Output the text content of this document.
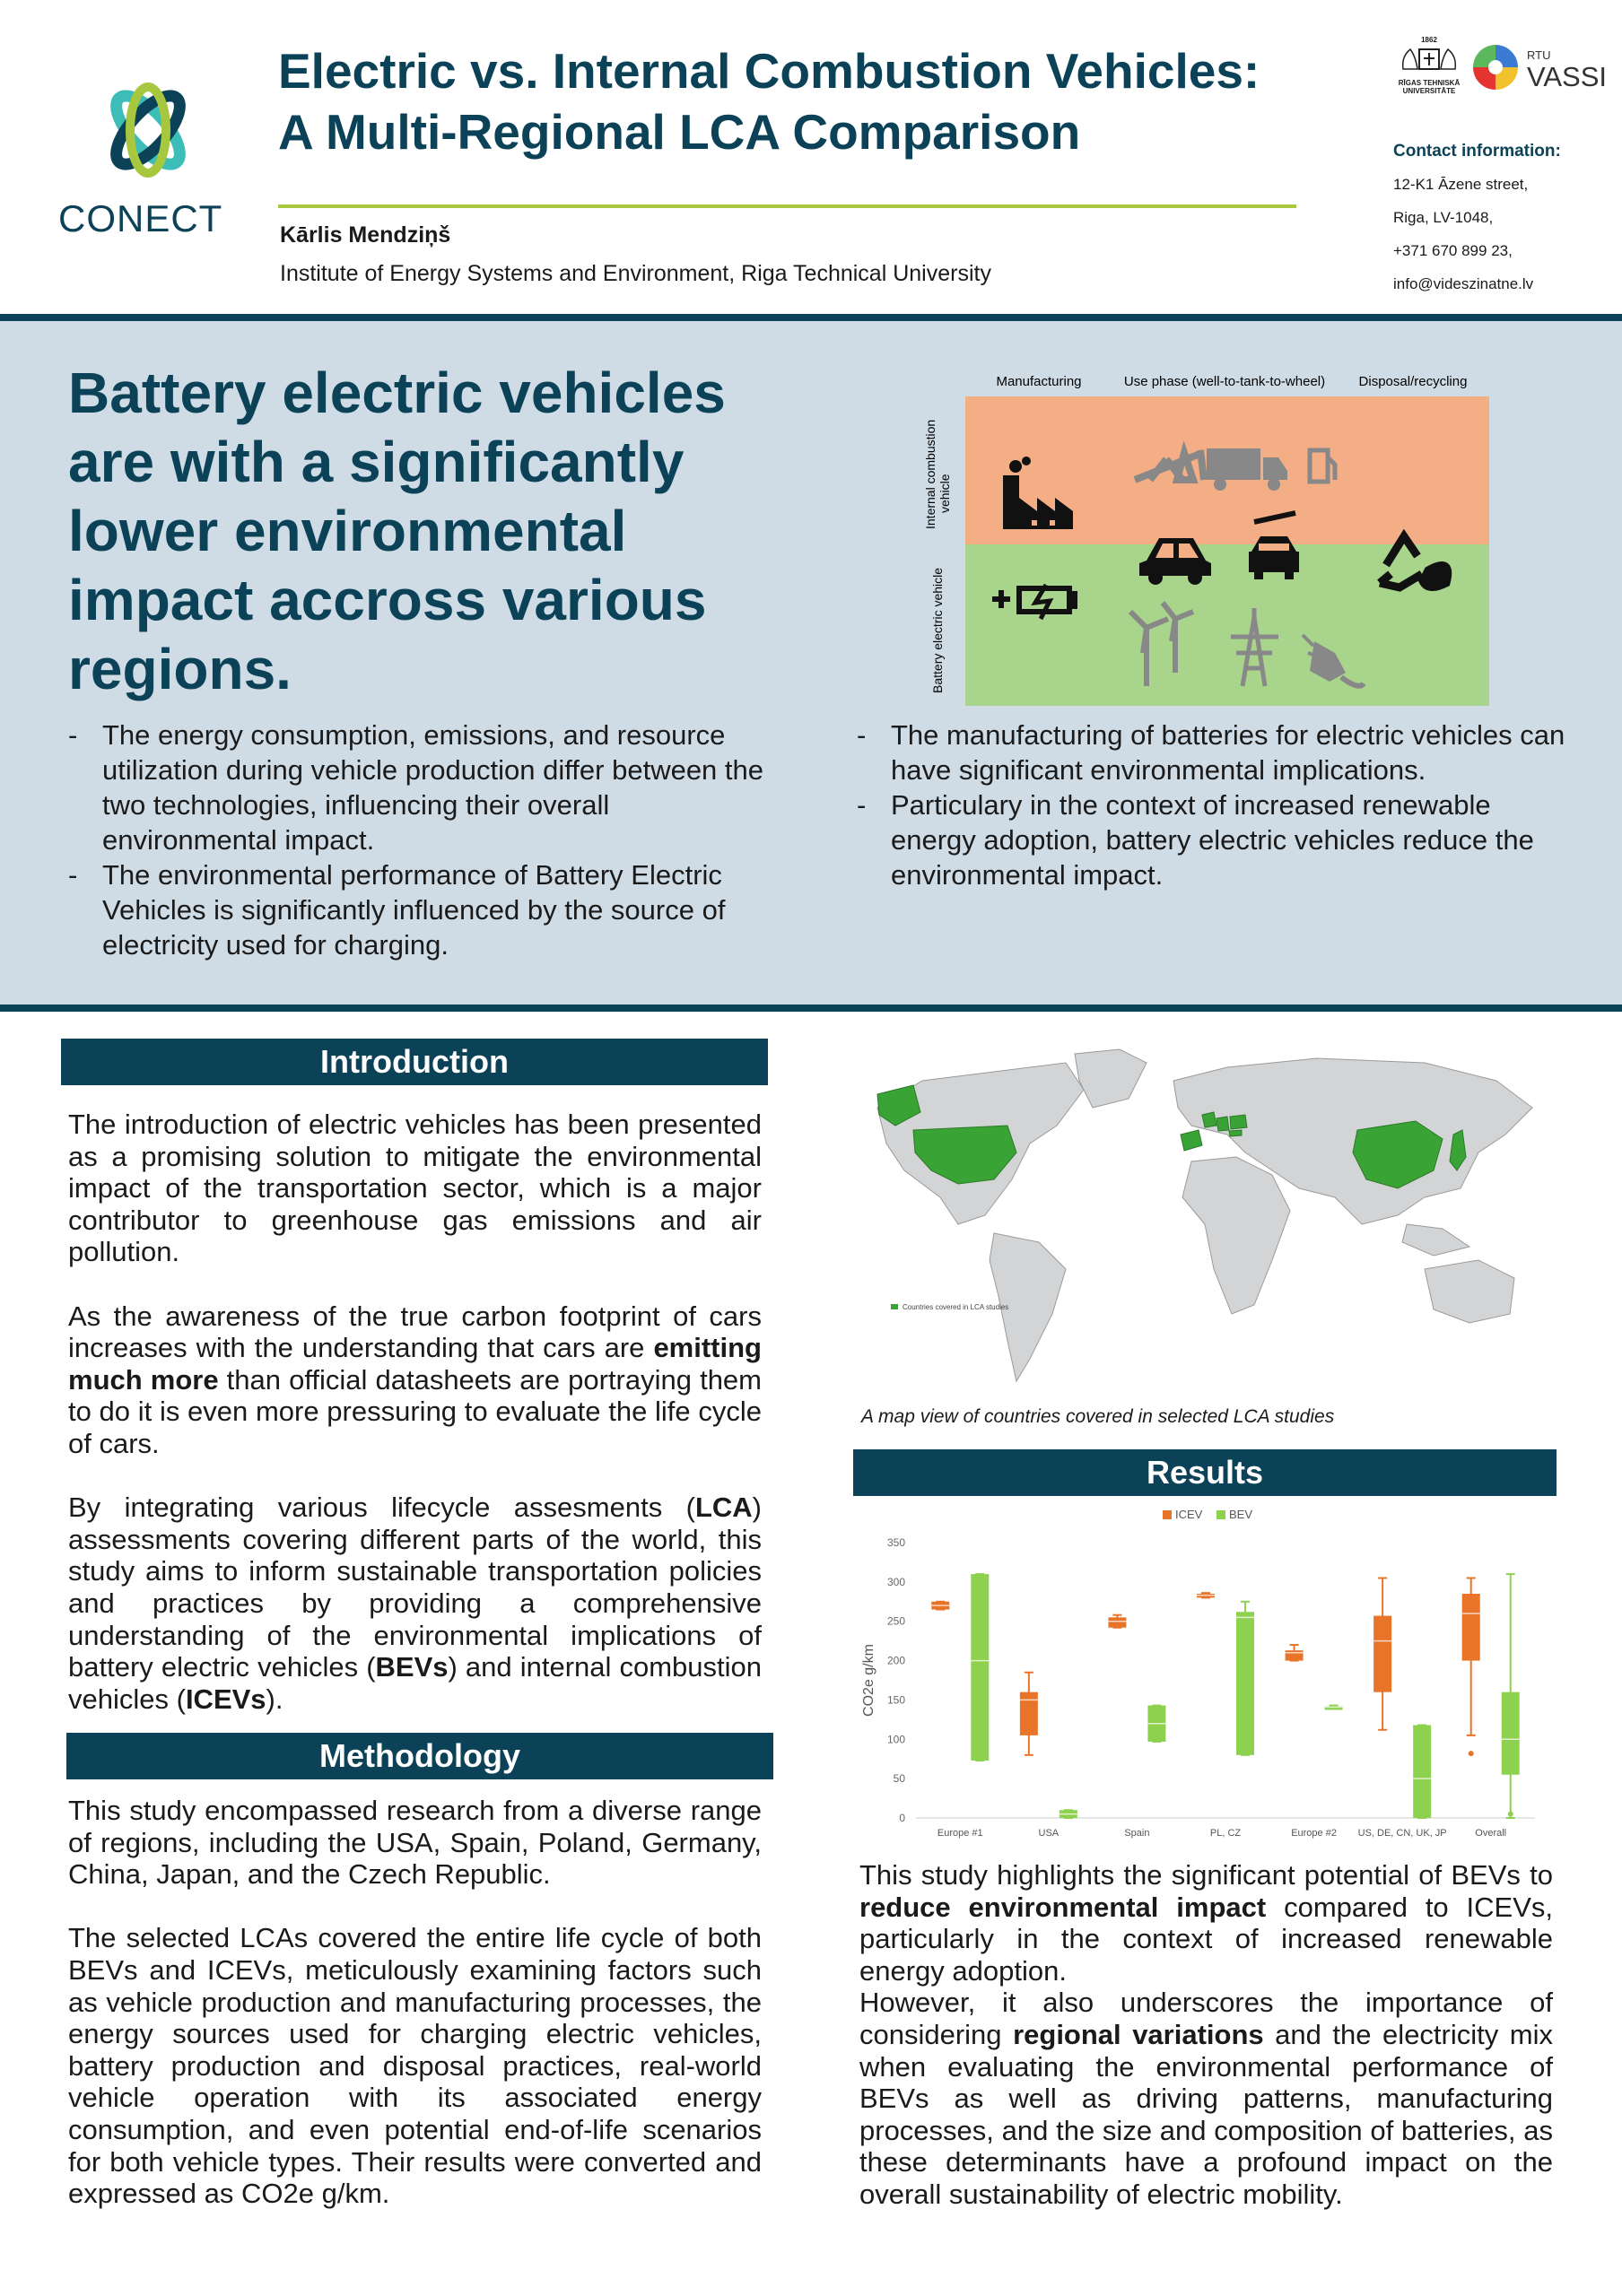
CONECT
Electric vs. Internal Combustion Vehicles:
A Multi-Regional LCA Comparison
Kārlis Mendziņš
Institute of Energy Systems and Environment, Riga Technical University
1862
RĪGAS TEHNISKĀ
UNIVERSITĀTE
RTU
VASSI
Contact information:
12-K1 Āzene street,
Riga, LV-1048,
+371 670 899 23,
info@videszinatne.lv
Battery electric vehicles are with a significantly lower environmental impact accross various regions.
Manufacturing	Use phase (well-to-tank-to-wheel) Disposal/recycling
Internal combustionvehicle
Battery electric vehicle
- The energy consumption, emissions, and resource utilization during vehicle production differ between the two technologies, influencing their overall environmental impact.
- The environmental performance of Battery Electric Vehicles is significantly influenced by the source of electricity used for charging.
- The manufacturing of batteries for electric vehicles can have significant environmental implications.
- Particulary in the context of increased renewable energy adoption, battery electric vehicles reduce the environmental impact.
Introduction

The introduction of electric vehicles has been presented as a promising solution to mitigate the environmental impact of the transportation sector, which is a major contributor to greenhouse gas emissions and air pollution.

As the awareness of the true carbon footprint of cars increases with the understanding that cars are emitting much more than official datasheets are portraying them to do it is even more pressuring to evaluate the life cycle of cars.

By integrating various lifecycle assesments (LCA) assessments covering different parts of the world, this study aims to inform sustainable transportation policies and practices by providing a comprehensive understanding of the environmental implications of battery electric vehicles (BEVs) and internal combustion vehicles (ICEVs).

Methodology

This study encompassed research from a diverse range of regions, including the USA, Spain, Poland, Germany, China, Japan, and the Czech Republic.

The selected LCAs covered the entire life cycle of both BEVs and ICEVs, meticulously examining factors such as vehicle production and manufacturing processes, the energy sources used for charging electric vehicles, battery production and disposal practices, real-world vehicle operation with its associated energy consumption, and even potential end-of-life scenarios for both vehicle types. Their results were converted and expressed as CO2e g/km.

Countries covered in LCA studies
A map view of countries covered in selected LCA studies
Results
0
50
100
150
200
250
300
350
CO2e g/km
ICEV BEV
Europe #1	USA	Spain	PL, CZ	Europe #2 US, DE, CN, UK, JP	Overall

This study highlights the significant potential of BEVs to reduce environmental impact compared to ICEVs, particularly in the context of increased renewable energy adoption.

However, it also underscores the importance of considering regional variations and the electricity mix when evaluating the environmental performance of BEVs as well as driving patterns, manufacturing processes, and the size and composition of batteries, as these determinants have a profound impact on the overall sustainability of electric mobility.
